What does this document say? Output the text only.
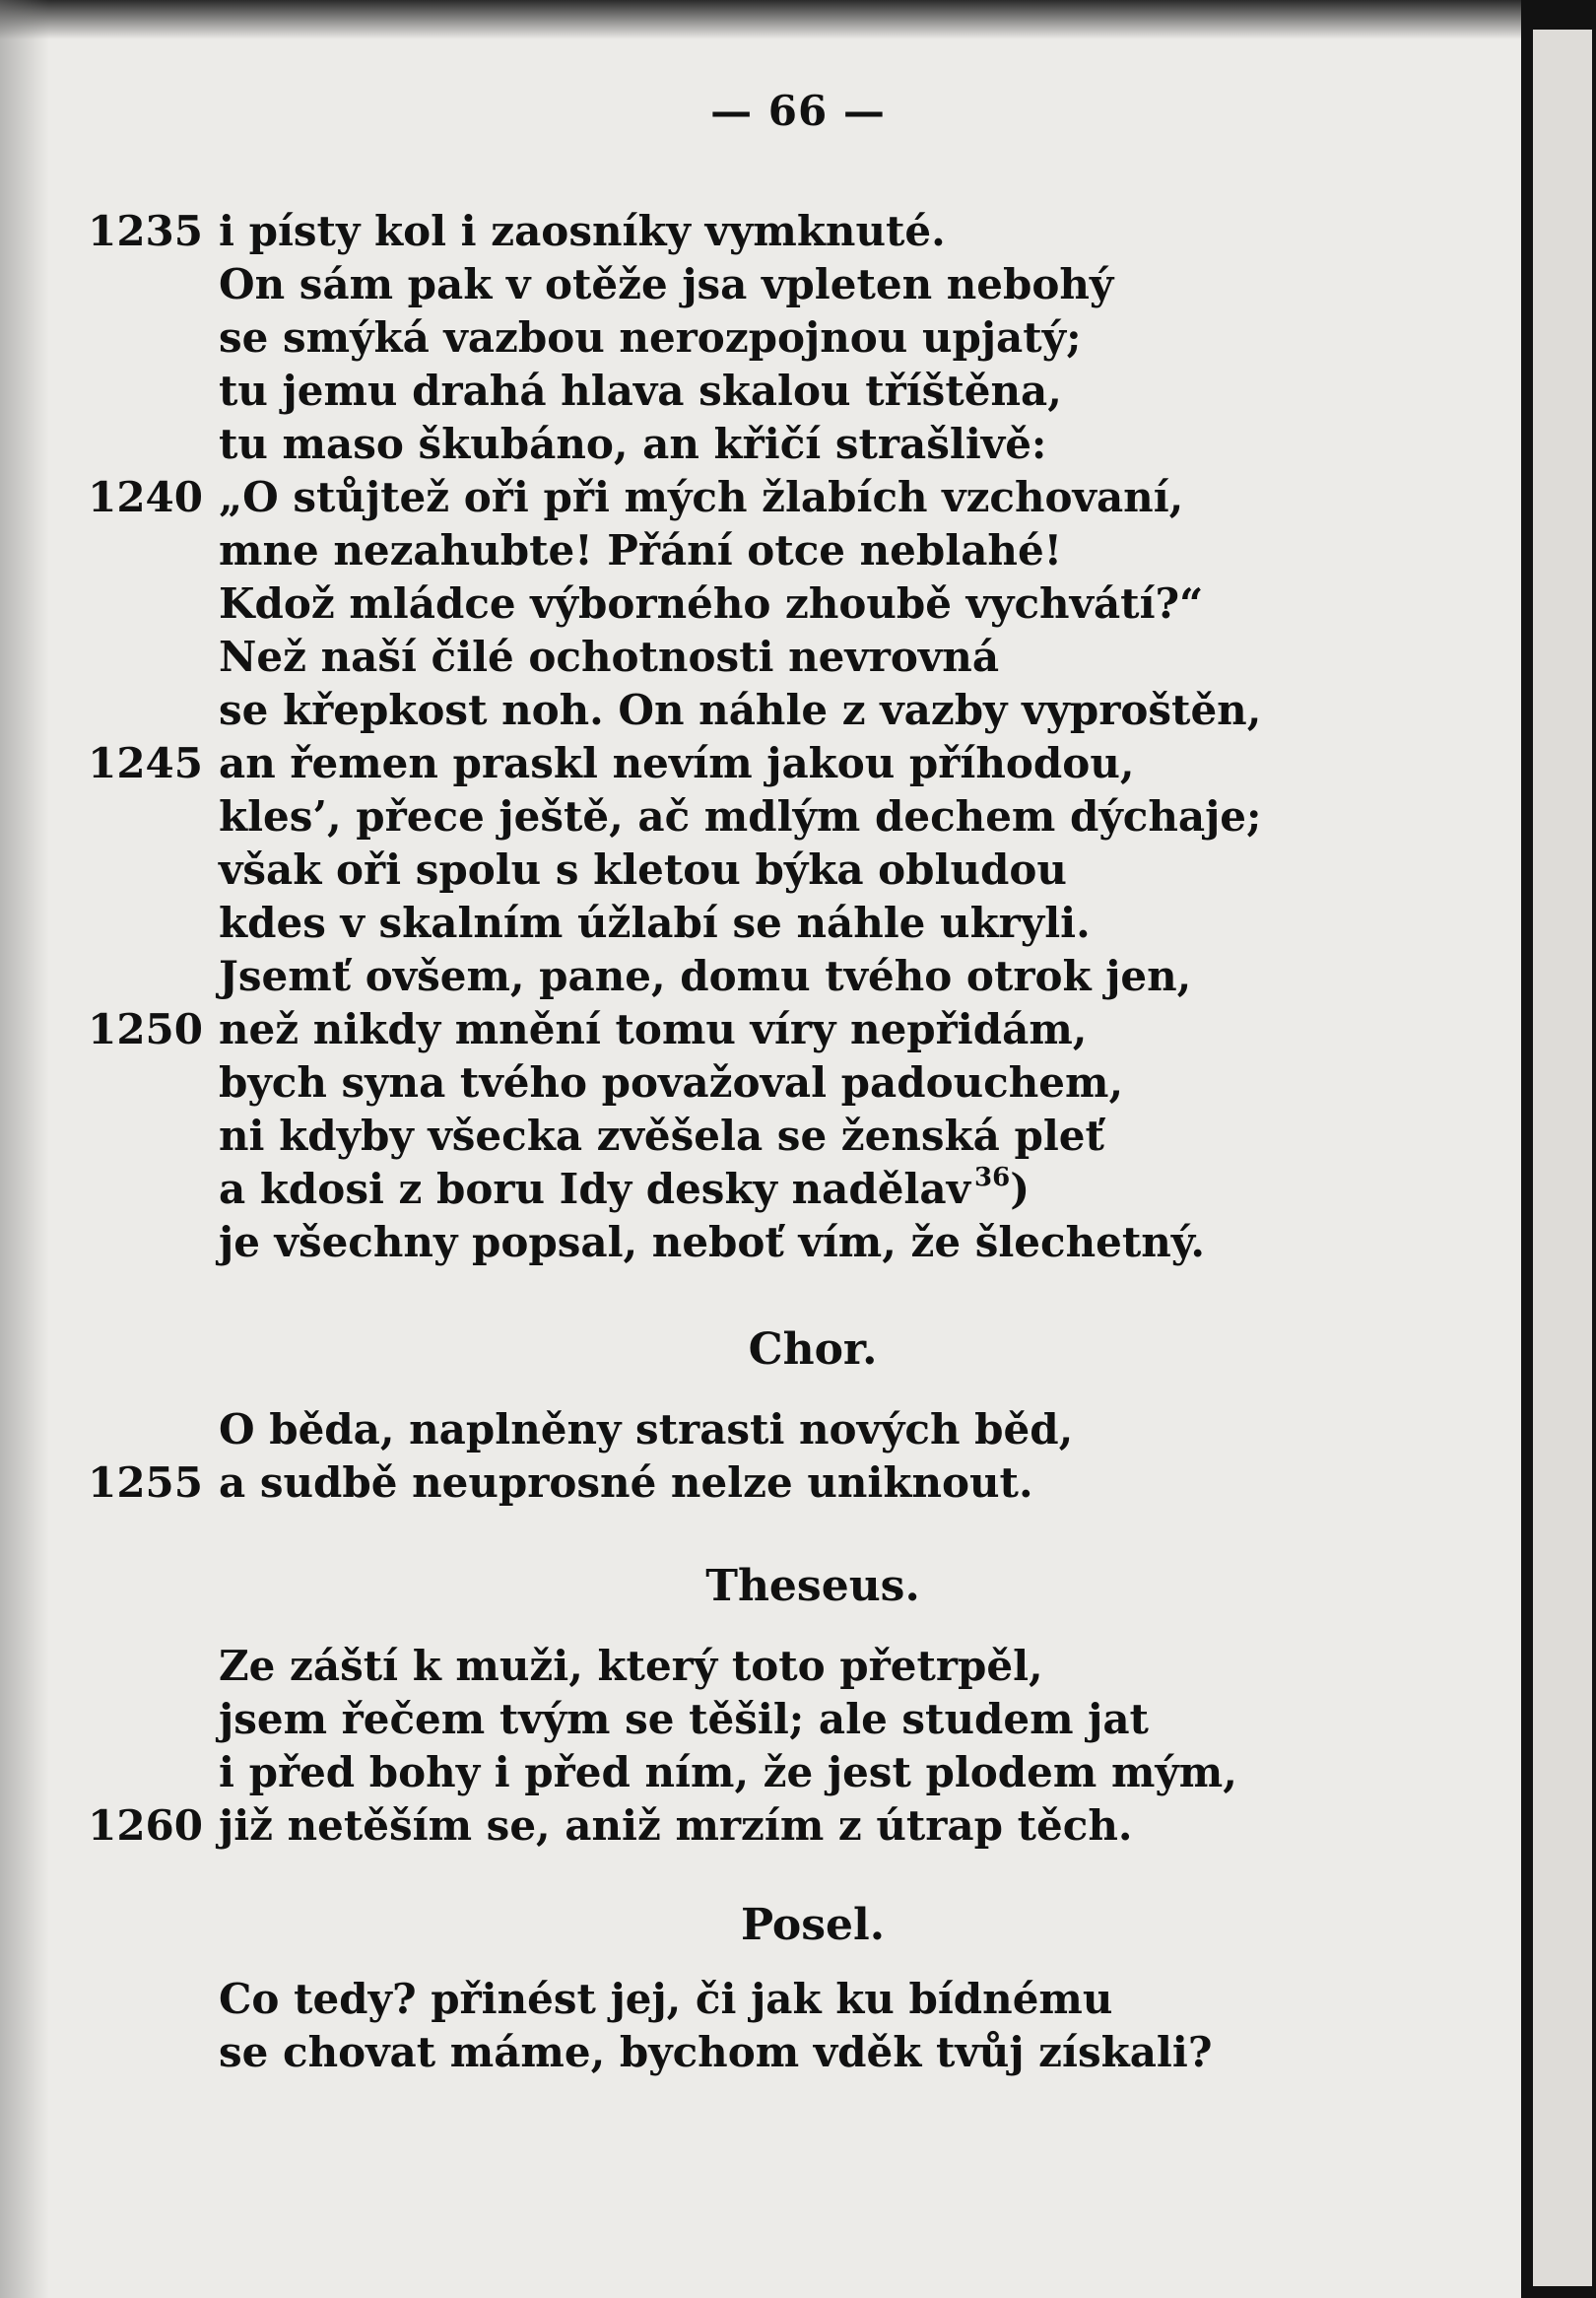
— 66 —
1235 i písty kol i zaosníky vymknuté.
On sám pak v otěže jsa vpleten nebohý
se smýká vazbou nerozpojnou upjatý;
tu jemu drahá hlava skalou tříštěna,
tu maso škubáno, an křičí strašlivě:
1240 „O stůjtež oři při mých žlabích vzchovaní,
mne nezahubte! Přání otce neblahé!
Kdož mládce výborného zhoubě vychvátí?“
Než naší čilé ochotnosti nevrovná
se křepkost noh. On náhle z vazby vyproštěn,
1245 an řemen praskl nevím jakou příhodou,
kles’, přece ještě, ač mdlým dechem dýchaje;
však oři spolu s kletou býka obludou
kdes v skalním úžlabí se náhle ukryli.
Jsemť ovšem, pane, domu tvého otrok jen,
1250 než nikdy mnění tomu víry nepřidám,
bych syna tvého považoval padouchem,
ni kdyby všecka zvěšela se ženská pleť
a kdosi z boru Idy desky nadělav $^{36}$)
je všechny popsal, neboť vím, že šlechetný.
Chor.
O běda, naplněny strasti nových běd,
1255 a sudbě neuprosné nelze uniknout.
Theseus.
Ze záští k muži, který toto přetrpěl,
jsem řečem tvým se těšil; ale studem jat
i před bohy i před ním, že jest plodem mým,
1260 již netěším se, aniž mrzím z útrap těch.
Posel.
Co tedy? přinést jej, či jak ku bídnému
se chovat máme, bychom vděk tvůj získali?
